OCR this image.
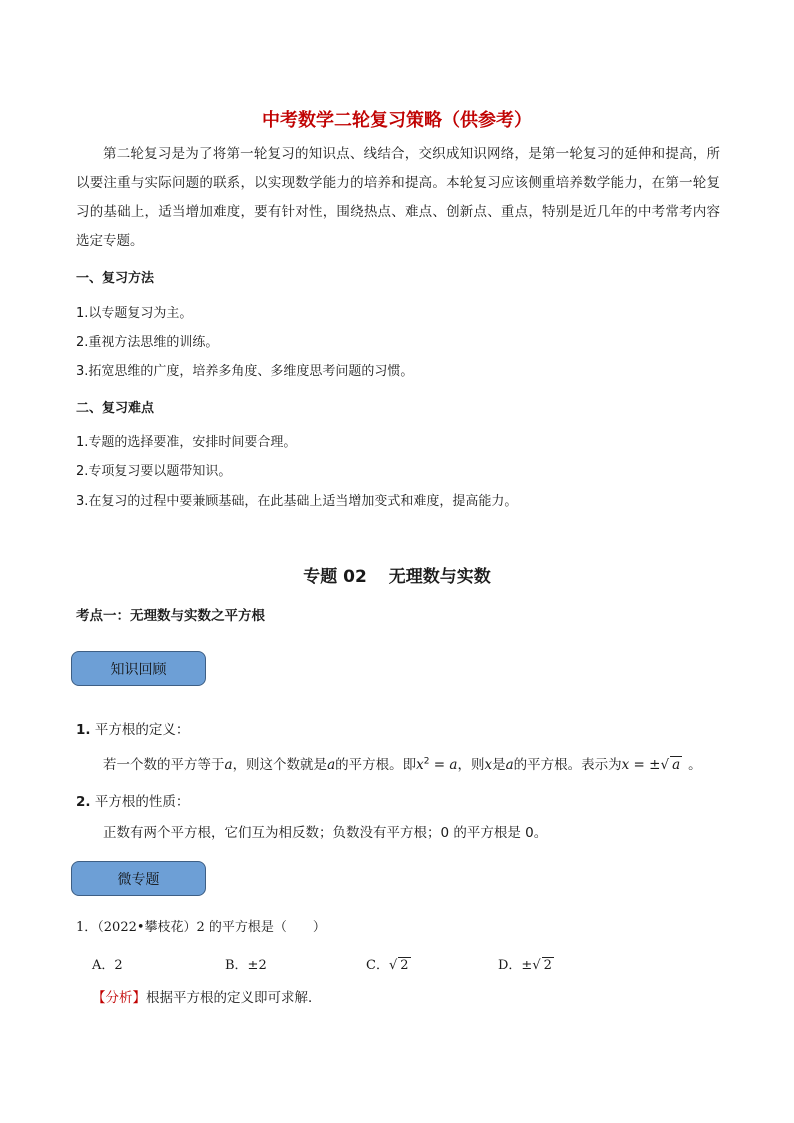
中考数学二轮复习策略（供参考）

第二轮复习是为了将第一轮复习的知识点、线结合，交织成知识网络，是第一轮复习的延伸和提高，所以要注重与实际问题的联系，以实现数学能力的培养和提高。本轮复习应该侧重培养数学能力，在第一轮复习的基础上，适当增加难度，要有针对性，围绕热点、难点、创新点、重点，特别是近几年的中考常考内容选定专题。

一、复习方法
1.以专题复习为主。
2.重视方法思维的训练。
3.拓宽思维的广度，培养多角度、多维度思考问题的习惯。
二、复习难点
1.专题的选择要准，安排时间要合理。
2.专项复习要以题带知识。
3.在复习的过程中要兼顾基础，在此基础上适当增加变式和难度，提高能力。
专题 02 无理数与实数
考点一：无理数与实数之平方根
知识回顾
1. 平方根的定义：
若一个数的平方等于a，则这个数就是a的平方根。即$x^2 = a$，则x是a的平方根。表示为x = ±√ a 。
2. 平方根的性质：
正数有两个平方根，它们互为相反数；负数没有平方根；0 的平方根是 0。
微专题
1．（2022•攀枝花）2 的平方根是（　　）
A．2	B．±2	C．√ 2	D．±√ 2
【分析】根据平方根的定义即可求解．
